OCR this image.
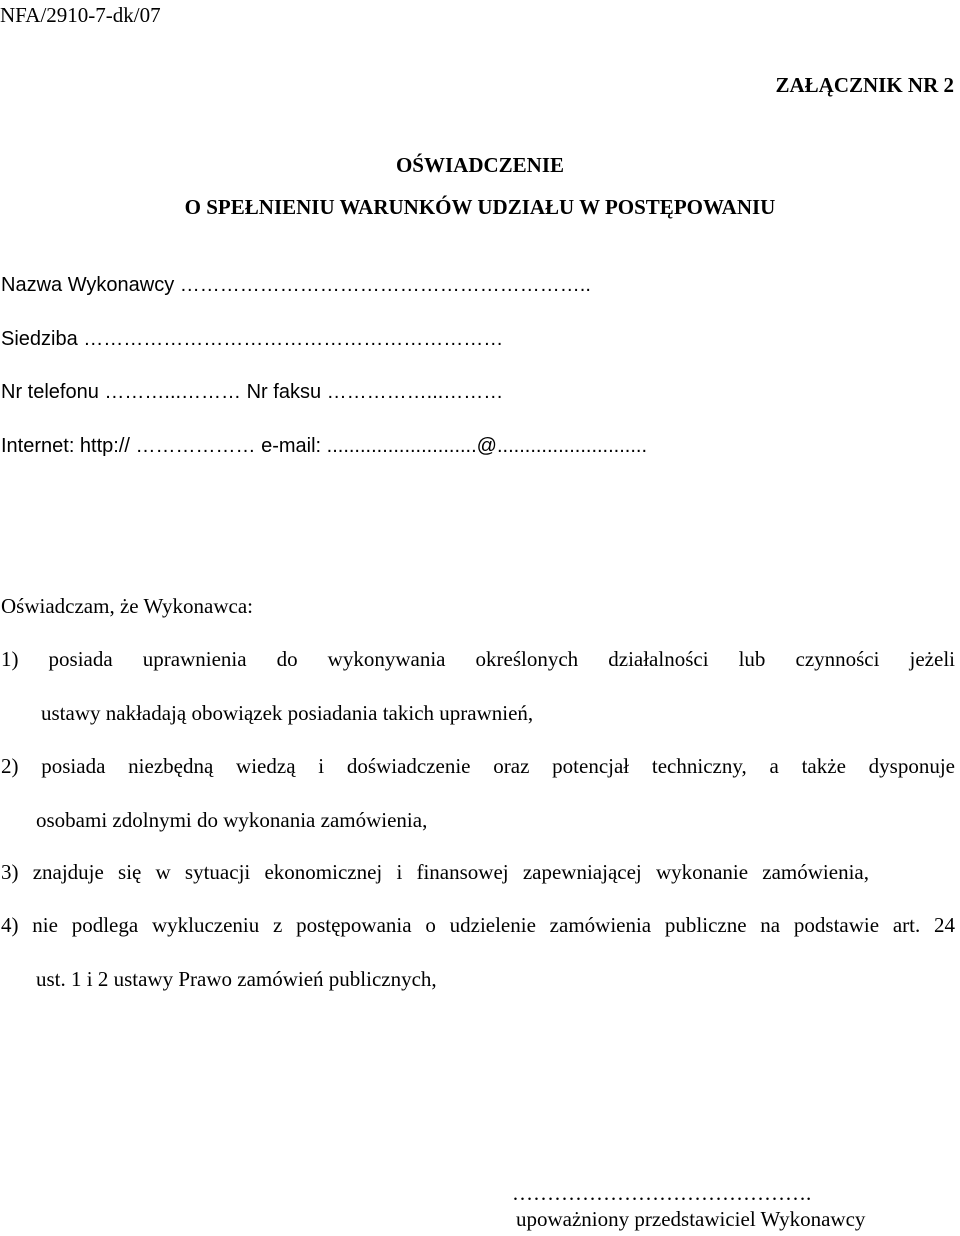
NFA/2910-7-dk/07
ZAŁĄCZNIK NR 2
OŚWIADCZENIE
O SPEŁNIENIU WARUNKÓW UDZIAŁU W POSTĘPOWANIU
Nazwa Wykonawcy ……………………………………………………..
Siedziba ………………………………………………………
Nr telefonu ………...……… Nr faksu ……………...………
Internet: http:// ……………… e-mail: ...........................@...........................
Oświadczam, że Wykonawca:
1) posiada uprawnienia do wykonywania określonych działalności lub czynności jeżeli
ustawy nakładają obowiązek posiadania takich uprawnień,
2) posiada niezbędną wiedzą i doświadczenie oraz potencjał techniczny, a także dysponuje
osobami zdolnymi do wykonania zamówienia,
3) znajduje się w sytuacji ekonomicznej i finansowej zapewniającej wykonanie zamówienia,
4) nie podlega wykluczeniu z postępowania o udzielenie zamówienia publiczne na podstawie art. 24
ust. 1 i 2 ustawy Prawo zamówień publicznych,
…………………………………….
upoważniony przedstawiciel Wykonawcy
